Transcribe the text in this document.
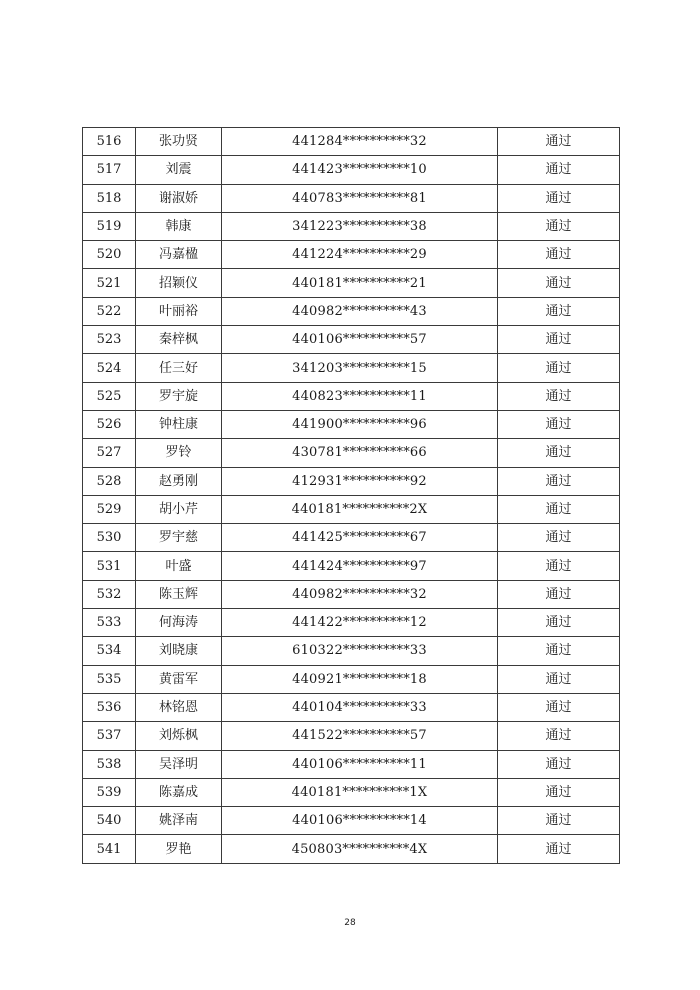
516	张功贤	441284**********32	通过
517	刘震	441423**********10	通过
518	谢淑娇	440783**********81	通过
519	韩康	341223**********38	通过
520	冯嘉楹	441224**********29	通过
521	招颖仪	440181**********21	通过
522	叶丽裕	440982**********43	通过
523	秦梓枫	440106**********57	通过
524	任三好	341203**********15	通过
525	罗宇旋	440823**********11	通过
526	钟柱康	441900**********96	通过
527	罗铃	430781**********66	通过
528	赵勇刚	412931**********92	通过
529	胡小芹	440181**********2X	通过
530	罗宇慈	441425**********67	通过
531	叶盛	441424**********97	通过
532	陈玉辉	440982**********32	通过
533	何海涛	441422**********12	通过
534	刘晓康	610322**********33	通过
535	黄雷军	440921**********18	通过
536	林铭恩	440104**********33	通过
537	刘烁枫	441522**********57	通过
538	吴泽明	440106**********11	通过
539	陈嘉成	440181**********1X	通过
540	姚泽南	440106**********14	通过
541	罗艳	450803**********4X	通过
28
